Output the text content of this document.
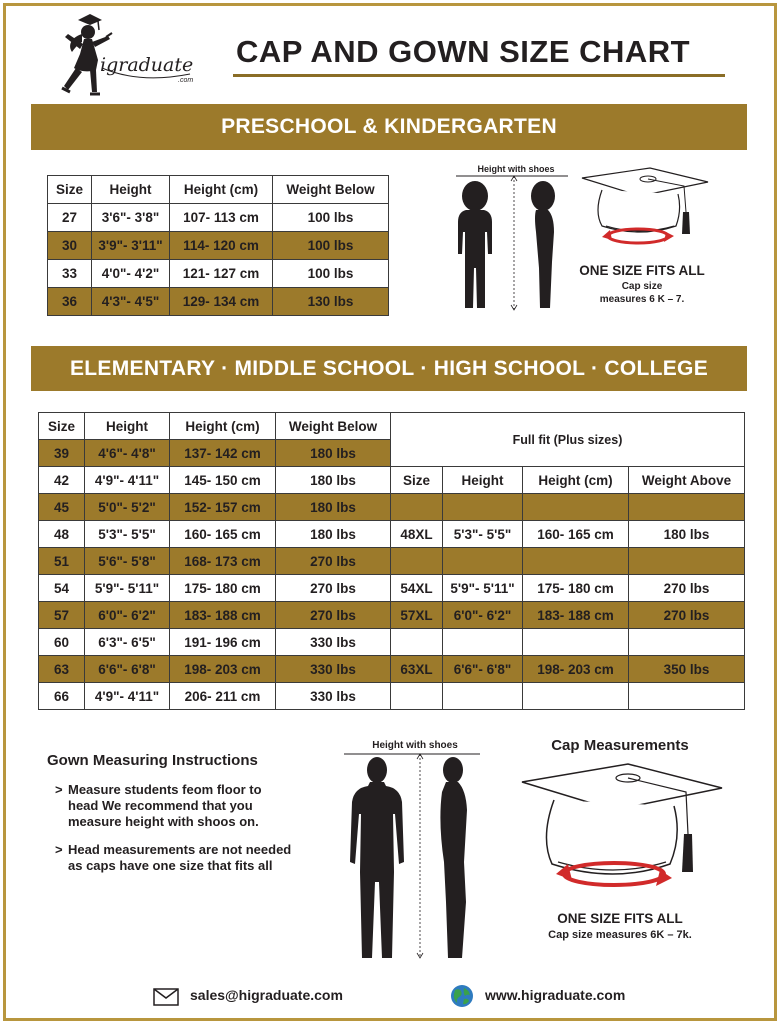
igraduate
.com
CAP AND GOWN SIZE CHART
PRESCHOOL & KINDERGARTEN
Size	Height	Height (cm)	Weight Below
27	3'6"- 3'8"	107- 113 cm	100 lbs
30	3'9"- 3'11"	114- 120 cm	100 lbs
33	4'0"- 4'2"	121- 127 cm	100 lbs
36	4'3"- 4'5"	129- 134 cm	130 lbs
Height with shoes
ONE SIZE FITS ALL
Cap size
measures 6 K – 7.
ELEMENTARY · MIDDLE SCHOOL · HIGH SCHOOL · COLLEGE
Size	Height	Height (cm)	Weight Below	Full fit (Plus sizes)			
39	4'6"- 4'8"	137- 142 cm	180 lbs				
42	4'9"- 4'11"	145- 150 cm	180 lbs	Size	Height	Height (cm)	Weight Above
45	5'0"- 5'2"	152- 157 cm	180 lbs				
48	5'3"- 5'5"	160- 165 cm	180 lbs	48XL	5'3"- 5'5"	160- 165 cm	180 lbs
51	5'6"- 5'8"	168- 173 cm	270 lbs				
54	5'9"- 5'11"	175- 180 cm	270 lbs	54XL	5'9"- 5'11"	175- 180 cm	270 lbs
57	6'0"- 6'2"	183- 188 cm	270 lbs	57XL	6'0"- 6'2"	183- 188 cm	270 lbs
60	6'3"- 6'5"	191- 196 cm	330 lbs				
63	6'6"- 6'8"	198- 203 cm	330 lbs	63XL	6'6"- 6'8"	198- 203 cm	350 lbs
66	4'9"- 4'11"	206- 211 cm	330 lbs				
Gown Measuring Instructions
> Measure students feom floor to head We recommend that you measure height with shoos on.
> Head measurements are not needed as caps have one size that fits all
Height with shoes	Cap Measurements
ONE SIZE FITS ALL
Cap size measures 6K – 7k.
sales@higraduate.com	www.higraduate.com
